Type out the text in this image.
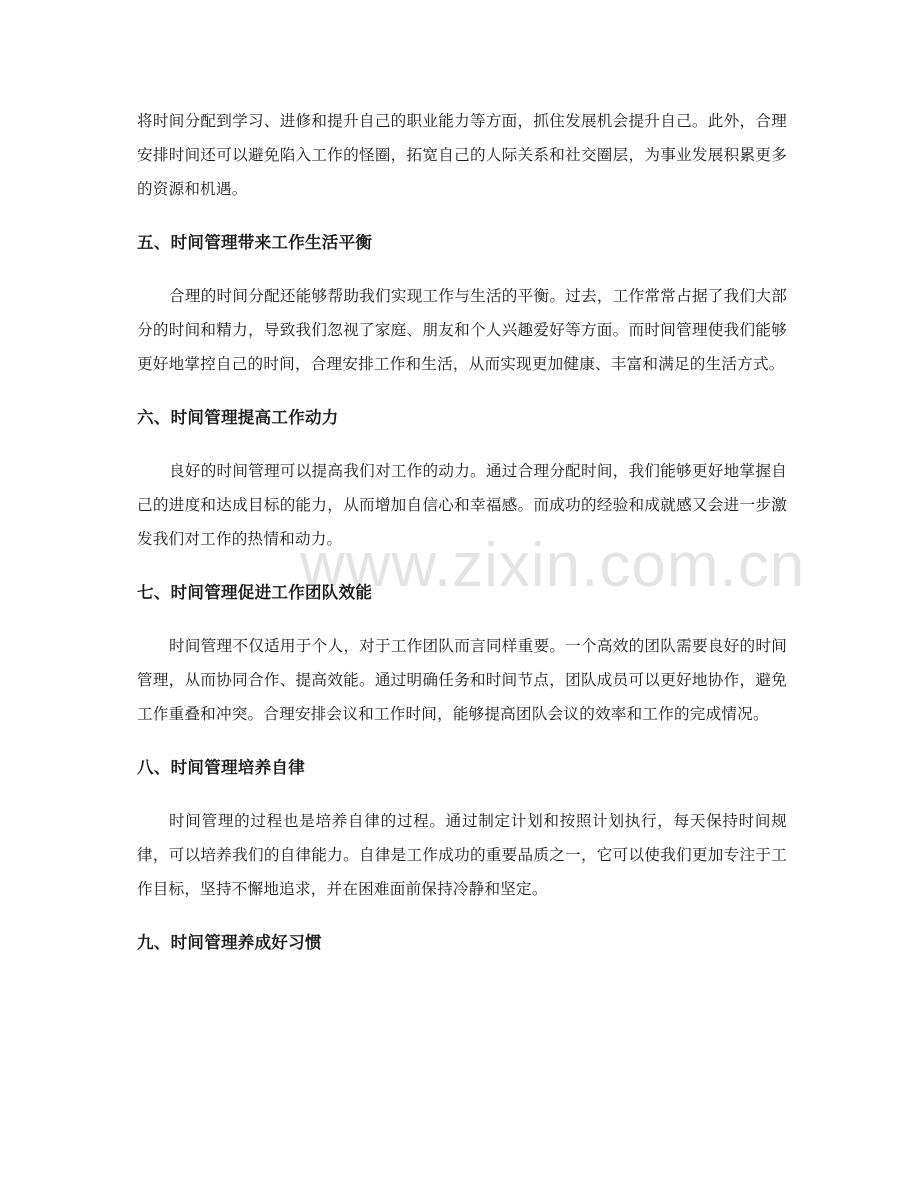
将时间分配到学习、进修和提升自己的职业能力等方面，抓住发展机会提升自己。此外，合理安排时间还可以避免陷入工作的怪圈，拓宽自己的人际关系和社交圈层，为事业发展积累更多的资源和机遇。

五、时间管理带来工作生活平衡

合理的时间分配还能够帮助我们实现工作与生活的平衡。过去，工作常常占据了我们大部分的时间和精力，导致我们忽视了家庭、朋友和个人兴趣爱好等方面。而时间管理使我们能够更好地掌控自己的时间，合理安排工作和生活，从而实现更加健康、丰富和满足的生活方式。

六、时间管理提高工作动力

良好的时间管理可以提高我们对工作的动力。通过合理分配时间，我们能够更好地掌握自己的进度和达成目标的能力，从而增加自信心和幸福感。而成功的经验和成就感又会进一步激发我们对工作的热情和动力。

七、时间管理促进工作团队效能

时间管理不仅适用于个人，对于工作团队而言同样重要。一个高效的团队需要良好的时间管理，从而协同合作、提高效能。通过明确任务和时间节点，团队成员可以更好地协作，避免工作重叠和冲突。合理安排会议和工作时间，能够提高团队会议的效率和工作的完成情况。

八、时间管理培养自律

时间管理的过程也是培养自律的过程。通过制定计划和按照计划执行，每天保持时间规律，可以培养我们的自律能力。自律是工作成功的重要品质之一，它可以使我们更加专注于工作目标，坚持不懈地追求，并在困难面前保持冷静和坚定。

九、时间管理养成好习惯
www.zixin.com.cn
